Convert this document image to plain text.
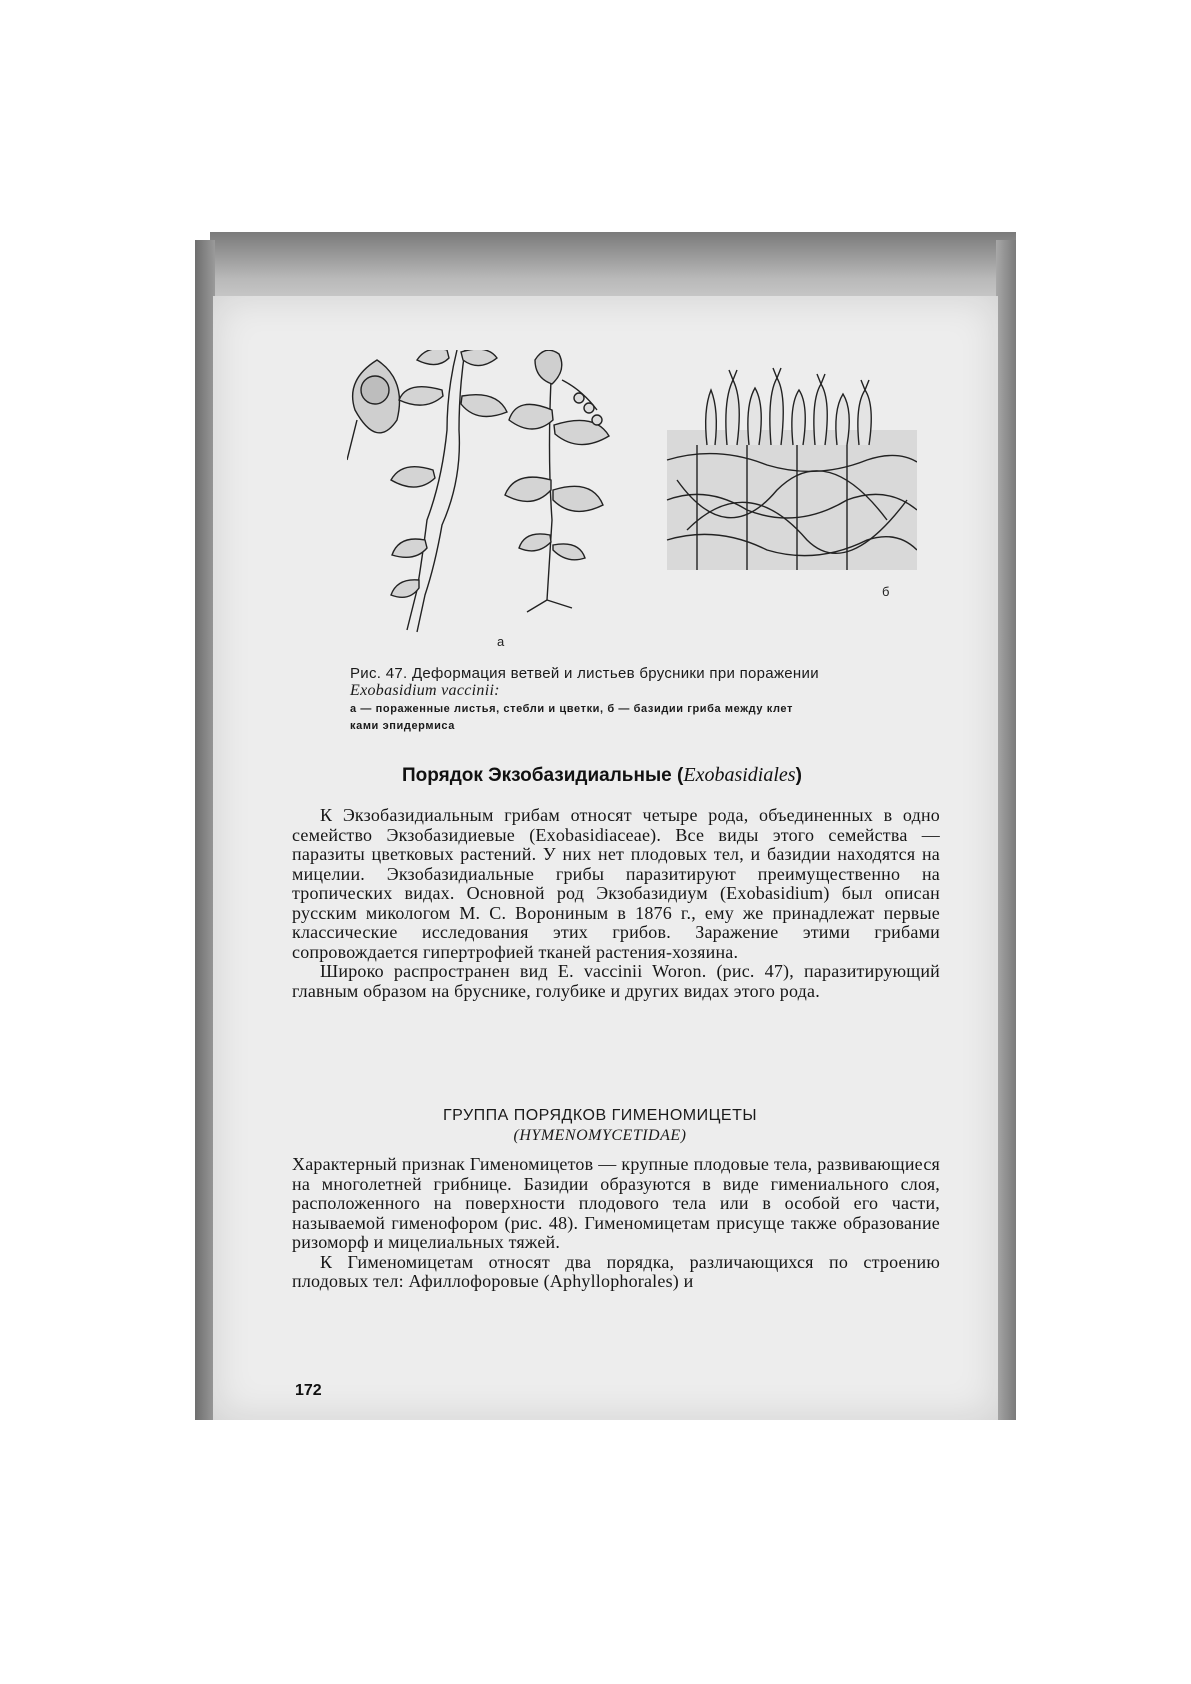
а
б
Рис. 47. Деформация ветвей и листьев брусники при поражении
Exobasidium vaccinii:
а — пораженные листья, стебли и цветки, б — базидии гриба между клет
ками эпидермиса
Порядок Экзобазидиальные (Exobasidiales)

К Экзобазидиальным грибам относят четыре рода, объединенных в одно семейство Экзобазидиевые (Exobasidiaceae). Все виды этого семейства — паразиты цветковых растений. У них нет плодовых тел, и базидии находятся на мицелии. Экзобазидиальные грибы паразитируют преимущественно на тропических видах. Основной род Экзобазидиум (Exobasidium) был описан русским микологом М. С. Ворониным в 1876 г., ему же принадлежат первые классические исследования этих грибов. Заражение этими грибами сопровождается гипертрофией тканей растения-хозяина.

Широко распространен вид E. vaccinii Woron. (рис. 47), паразитирующий главным образом на бруснике, голубике и других видах этого рода.

ГРУППА ПОРЯДКОВ ГИМЕНОМИЦЕТЫ
(HYMENOMYCETIDAE)

Характерный признак Гименомицетов — крупные плодовые тела, развивающиеся на многолетней грибнице. Базидии образуются в виде гимениального слоя, расположенного на поверхности плодового тела или в особой его части, называемой гименофором (рис. 48). Гименомицетам присуще также образование ризоморф и мицелиальных тяжей.

К Гименомицетам относят два порядка, различающихся по строению плодовых тел: Афиллофоровые (Aphyllophorales) и

172
